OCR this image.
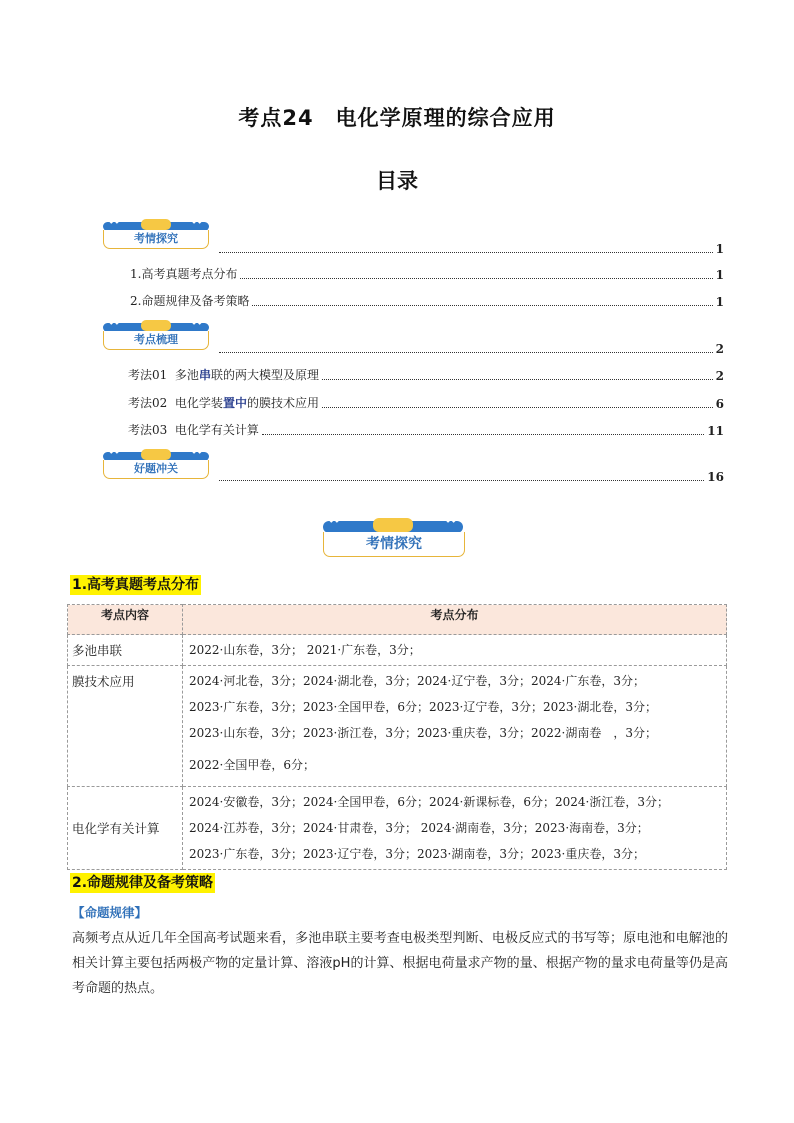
考点24　电化学原理的综合应用
目录
◆◆ ◆◆
考情探究
1
1.高考真题考点分布	1
2.命题规律及备考策略	1
◆◆ ◆◆
考点梳理
2
考法01 多池串联的两大模型及原理	2
考法02 电化学装置中的膜技术应用	6
考法03 电化学有关计算	11
◆◆ ◆◆
好题冲关
16
◆◆ ◆◆
考情探究
1.高考真题考点分布
考点内容	考点分布
多池串联	2022·山东卷，3分； 2021·广东卷，3分；

膜技术应用	2024·河北卷，3分；2024·湖北卷，3分；2024·辽宁卷，3分；2024·广东卷，3分；
2023·广东卷，3分；2023·全国甲卷，6分；2023·辽宁卷，3分；2023·湖北卷，3分；
2023·山东卷，3分；2023·浙江卷，3分；2023·重庆卷，3分；2022·湖南卷　，3分；
2022·全国甲卷，6分；

电化学有关计算	2024·安徽卷，3分；2024·全国甲卷，6分；2024·新课标卷，6分；2024·浙江卷，3分；
2024·江苏卷，3分；2024·甘肃卷，3分； 2024·湖南卷，3分；2023·海南卷，3分；
2023·广东卷，3分；2023·辽宁卷，3分；2023·湖南卷，3分；2023·重庆卷，3分；
2.命题规律及备考策略
【命题规律】
高频考点从近几年全国高考试题来看，多池串联主要考查电极类型判断、电极反应式的书写等；原电池和电解池的相关计算主要包括两极产物的定量计算、溶液pH的计算、根据电荷量求产物的量、根据产物的量求电荷量等仍是高考命题的热点。
